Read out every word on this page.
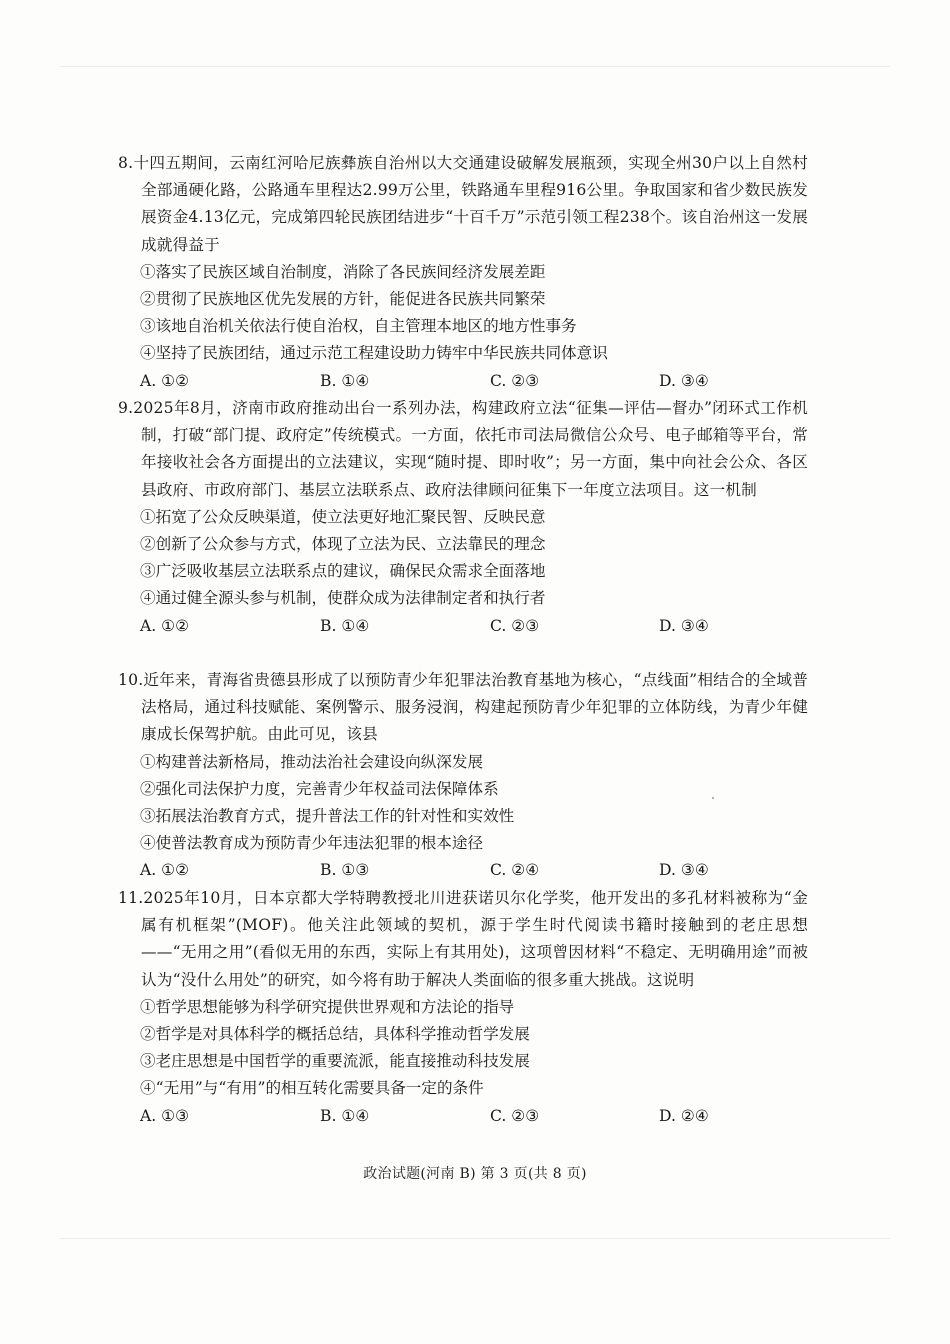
8.十四五期间，云南红河哈尼族彝族自治州以大交通建设破解发展瓶颈，实现全州30户以上自然村全部通硬化路，公路通车里程达2.99万公里，铁路通车里程916公里。争取国家和省少数民族发展资金4.13亿元，完成第四轮民族团结进步“十百千万”示范引领工程238个。该自治州这一发展成就得益于
①落实了民族区域自治制度，消除了各民族间经济发展差距
②贯彻了民族地区优先发展的方针，能促进各民族共同繁荣
③该地自治机关依法行使自治权，自主管理本地区的地方性事务
④坚持了民族团结，通过示范工程建设助力铸牢中华民族共同体意识
A. ①②	B. ①④	C. ②③	D. ③④
9.2025年8月，济南市政府推动出台一系列办法，构建政府立法“征集—评估—督办”闭环式工作机制，打破“部门提、政府定”传统模式。一方面，依托市司法局微信公众号、电子邮箱等平台，常年接收社会各方面提出的立法建议，实现“随时提、即时收”；另一方面，集中向社会公众、各区县政府、市政府部门、基层立法联系点、政府法律顾问征集下一年度立法项目。这一机制
①拓宽了公众反映渠道，使立法更好地汇聚民智、反映民意
②创新了公众参与方式，体现了立法为民、立法靠民的理念
③广泛吸收基层立法联系点的建议，确保民众需求全面落地
④通过健全源头参与机制，使群众成为法律制定者和执行者
A. ①②	B. ①④	C. ②③	D. ③④
10.近年来，青海省贵德县形成了以预防青少年犯罪法治教育基地为核心，“点线面”相结合的全域普法格局，通过科技赋能、案例警示、服务浸润，构建起预防青少年犯罪的立体防线，为青少年健康成长保驾护航。由此可见，该县
①构建普法新格局，推动法治社会建设向纵深发展
②强化司法保护力度，完善青少年权益司法保障体系
③拓展法治教育方式，提升普法工作的针对性和实效性
④使普法教育成为预防青少年违法犯罪的根本途径
A. ①②	B. ①③	C. ②④	D. ③④
11.2025年10月，日本京都大学特聘教授北川进获诺贝尔化学奖，他开发出的多孔材料被称为“金属有机框架”(MOF)。他关注此领域的契机，源于学生时代阅读书籍时接触到的老庄思想——“无用之用”(看似无用的东西，实际上有其用处)，这项曾因材料“不稳定、无明确用途”而被认为“没什么用处”的研究，如今将有助于解决人类面临的很多重大挑战。这说明
①哲学思想能够为科学研究提供世界观和方法论的指导
②哲学是对具体科学的概括总结，具体科学推动哲学发展
③老庄思想是中国哲学的重要流派，能直接推动科技发展
④“无用”与“有用”的相互转化需要具备一定的条件
A. ①③	B. ①④	C. ②③	D. ②④
政治试题(河南 B) 第 3 页(共 8 页)
